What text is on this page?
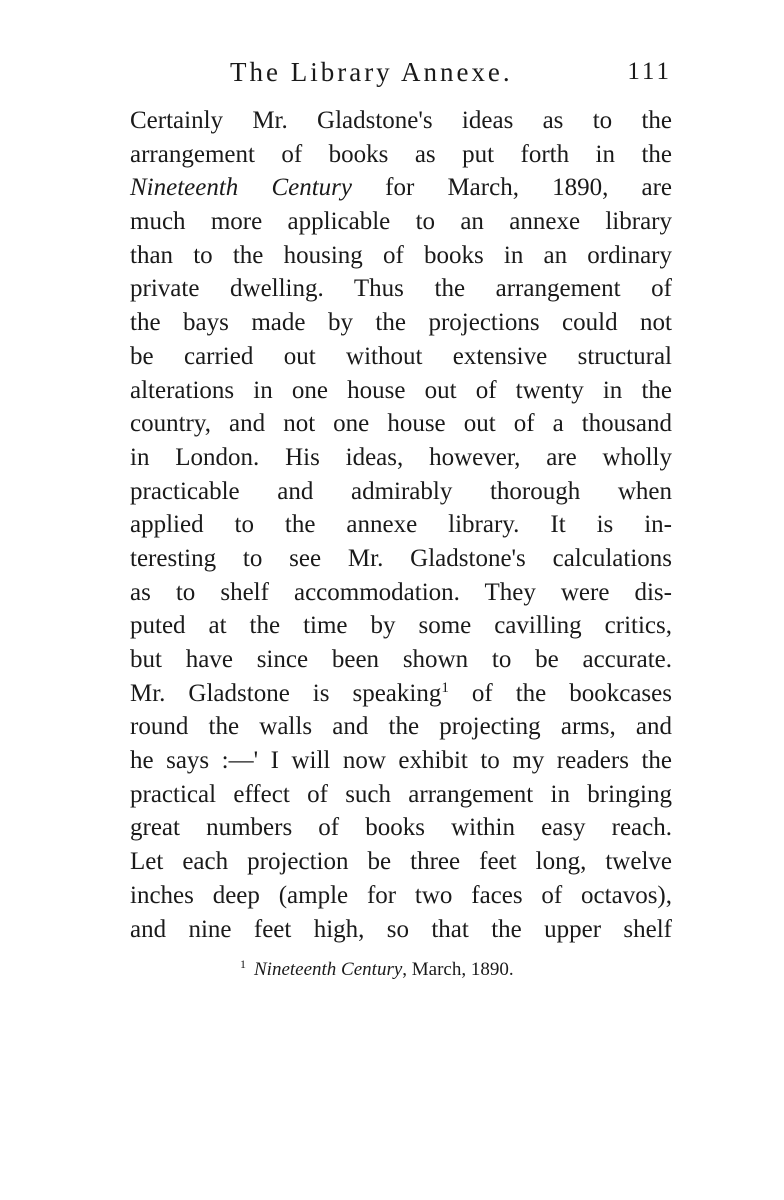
The Library Annexe.	111
Certainly Mr. Gladstone's ideas as to the
arrangement of books as put forth in the
Nineteenth Century for March, 1890, are
much more applicable to an annexe library
than to the housing of books in an ordinary
private dwelling. Thus the arrangement of
the bays made by the projections could not
be carried out without extensive structural
alterations in one house out of twenty in the
country, and not one house out of a thousand
in London. His ideas, however, are wholly
practicable and admirably thorough when
applied to the annexe library. It is in-
teresting to see Mr. Gladstone's calculations
as to shelf accommodation. They were dis-
puted at the time by some cavilling critics,
but have since been shown to be accurate.
Mr. Gladstone is speaking$^1$ of the bookcases
round the walls and the projecting arms, and
he says :—' I will now exhibit to my readers the
practical effect of such arrangement in bringing
great numbers of books within easy reach.
Let each projection be three feet long, twelve
inches deep (ample for two faces of octavos),
and nine feet high, so that the upper shelf
$^1$ Nineteenth Century, March, 1890.
